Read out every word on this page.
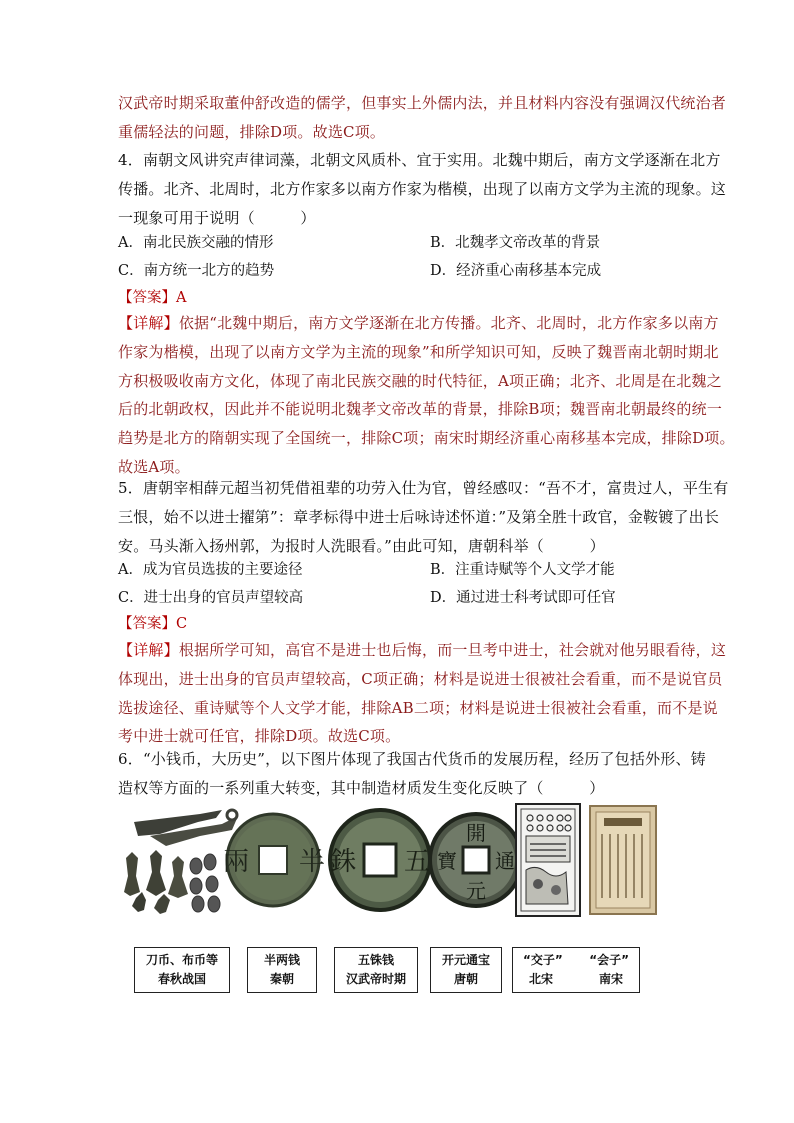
汉武帝时期采取董仲舒改造的儒学，但事实上外儒内法，并且材料内容没有强调汉代统治者
重儒轻法的问题，排除D项。故选C项。
4．南朝文风讲究声律词藻，北朝文风质朴、宜于实用。北魏中期后，南方文学逐渐在北方
传播。北齐、北周时，北方作家多以南方作家为楷模，出现了以南方文学为主流的现象。这
一现象可用于说明（　　　）
A．南北民族交融的情形	B．北魏孝文帝改革的背景
C．南方统一北方的趋势	D．经济重心南移基本完成
【答案】A
【详解】依据“北魏中期后，南方文学逐渐在北方传播。北齐、北周时，北方作家多以南方
作家为楷模，出现了以南方文学为主流的现象”和所学知识可知，反映了魏晋南北朝时期北
方积极吸收南方文化，体现了南北民族交融的时代特征，A项正确；北齐、北周是在北魏之
后的北朝政权，因此并不能说明北魏孝文帝改革的背景，排除B项；魏晋南北朝最终的统一
趋势是北方的隋朝实现了全国统一，排除C项；南宋时期经济重心南移基本完成，排除D项。
故选A项。
5．唐朝宰相薛元超当初凭借祖辈的功劳入仕为官，曾经感叹：“吾不才，富贵过人，平生有
三恨，始不以进士擢第”：章孝标得中进士后咏诗述怀道：”及第全胜十政官，金鞍镀了出长
安。马头渐入扬州郭，为报时人洗眼看。”由此可知，唐朝科举（　　　）
A．成为官员选拔的主要途径	B．注重诗赋等个人文学才能
C．进士出身的官员声望较高	D．通过进士科考试即可任官
【答案】C
【详解】根据所学可知，高官不是进士也后悔，而一旦考中进士，社会就对他另眼看待，这
体现出，进士出身的官员声望较高，C项正确；材料是说进士很被社会看重，而不是说官员
选拔途径、重诗赋等个人文学才能，排除AB二项；材料是说进士很被社会看重，而不是说
考中进士就可任官，排除D项。故选C项。
6．“小钱币，大历史”，以下图片体现了我国古代货币的发展历程，经历了包括外形、铸
造权等方面的一系列重大转变，其中制造材质发生变化反映了（　　　）
半
兩	五
銖
開
元
通
寶
刀币、布币等
春秋战国
半两钱
秦朝
五铢钱
汉武帝时期
开元通宝
唐朝
“交子” “会子”
北宋	南宋
